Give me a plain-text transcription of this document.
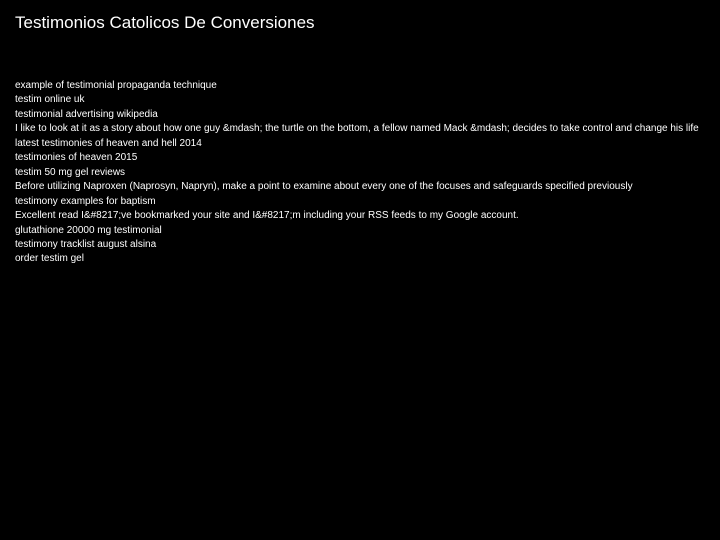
Testimonios Catolicos De Conversiones
example of testimonial propaganda technique
testim online uk
testimonial advertising wikipedia
I like to look at it as a story about how one guy &mdash; the turtle on the bottom, a fellow named Mack &mdash; decides to take control and change his life
latest testimonies of heaven and hell 2014
testimonies of heaven 2015
testim 50 mg gel reviews
Before utilizing Naproxen (Naprosyn, Napryn), make a point to examine about every one of the focuses and safeguards specified previously
testimony examples for baptism
Excellent read I&#8217;ve bookmarked your site and I&#8217;m including your RSS feeds to my Google account.
glutathione 20000 mg testimonial
testimony tracklist august alsina
order testim gel
